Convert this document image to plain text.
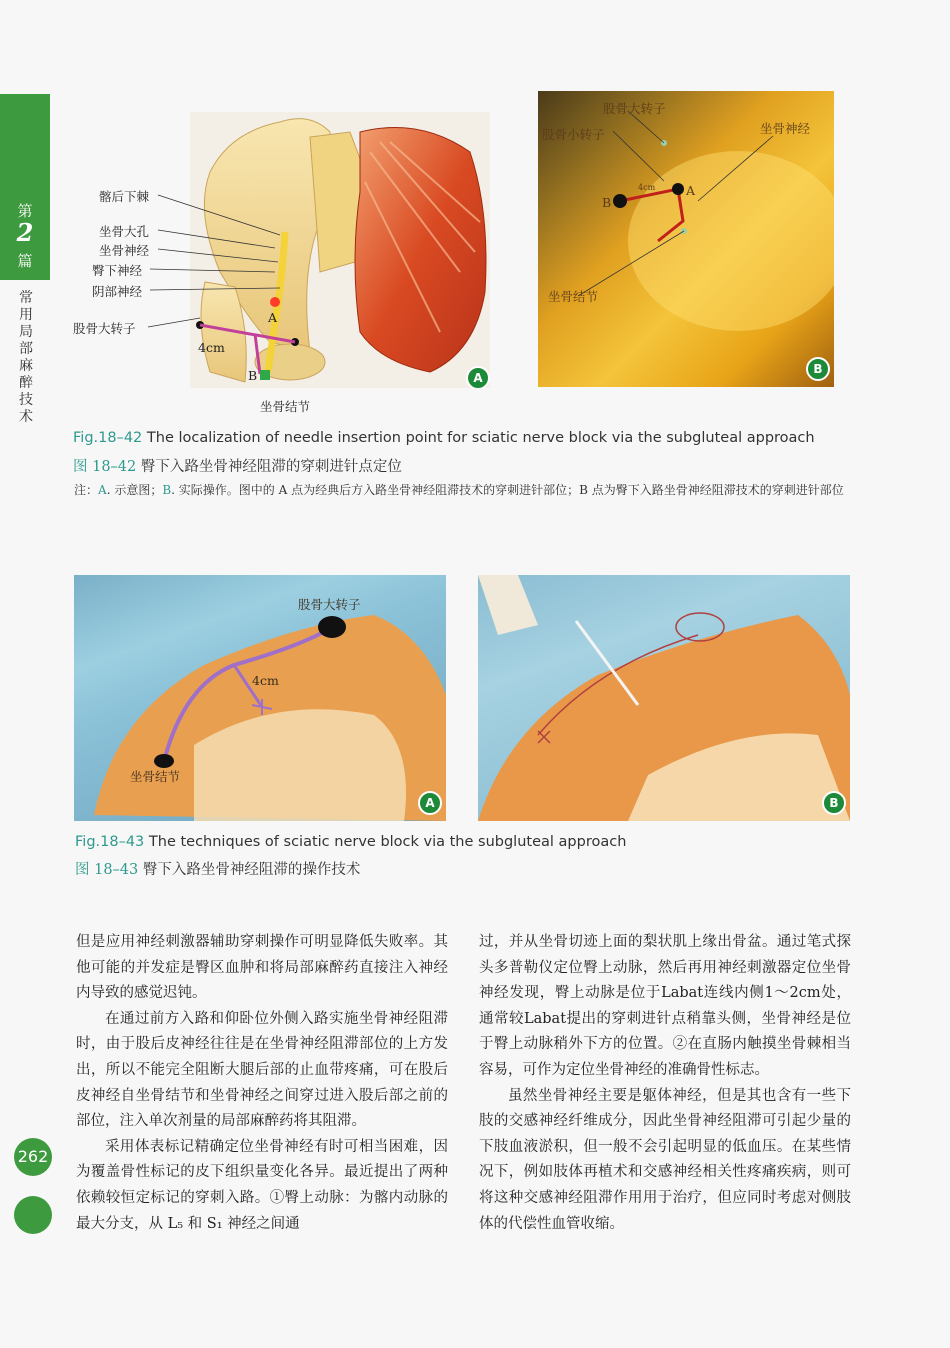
第
2
篇
常用局部麻醉技术
A
4cm
B	A
髂后下棘
坐骨大孔
坐骨神经
臀下神经
阴部神经
股骨大转子
坐骨结节
股骨大转子
股骨小转子	坐骨神经
B
4cm A
坐骨结节
B
Fig.18–42 The localization of needle insertion point for sciatic nerve block via the subgluteal approach
图 18–42 臀下入路坐骨神经阻滞的穿刺进针点定位
注：A. 示意图；B. 实际操作。图中的 A 点为经典后方入路坐骨神经阻滞技术的穿刺进针部位；B 点为臀下入路坐骨神经阻滞技术的穿刺进针部位
股骨大转子
4cm
坐骨结节
A	B
Fig.18–43 The techniques of sciatic nerve block via the subgluteal approach
图 18–43 臀下入路坐骨神经阻滞的操作技术

但是应用神经刺激器辅助穿刺操作可明显降低失败率。其他可能的并发症是臀区血肿和将局部麻醉药直接注入神经内导致的感觉迟钝。

在通过前方入路和仰卧位外侧入路实施坐骨神经阻滞时，由于股后皮神经往往是在坐骨神经阻滞部位的上方发出，所以不能完全阻断大腿后部的止血带疼痛，可在股后皮神经自坐骨结节和坐骨神经之间穿过进入股后部之前的部位，注入单次剂量的局部麻醉药将其阻滞。

采用体表标记精确定位坐骨神经有时可相当困难，因为覆盖骨性标记的皮下组织量变化各异。最近提出了两种依赖较恒定标记的穿刺入路。①臀上动脉：为髂内动脉的最大分支，从 L₅ 和 S₁ 神经之间通

过，并从坐骨切迹上面的梨状肌上缘出骨盆。通过笔式探头多普勒仪定位臀上动脉，然后再用神经刺激器定位坐骨神经发现，臀上动脉是位于Labat连线内侧1～2cm处，通常较Labat提出的穿刺进针点稍靠头侧，坐骨神经是位于臀上动脉稍外下方的位置。②在直肠内触摸坐骨棘相当容易，可作为定位坐骨神经的准确骨性标志。

虽然坐骨神经主要是躯体神经，但是其也含有一些下肢的交感神经纤维成分，因此坐骨神经阻滞可引起少量的下肢血液淤积，但一般不会引起明显的低血压。在某些情况下，例如肢体再植术和交感神经相关性疼痛疾病，则可将这种交感神经阻滞作用用于治疗，但应同时考虑对侧肢体的代偿性血管收缩。

262
